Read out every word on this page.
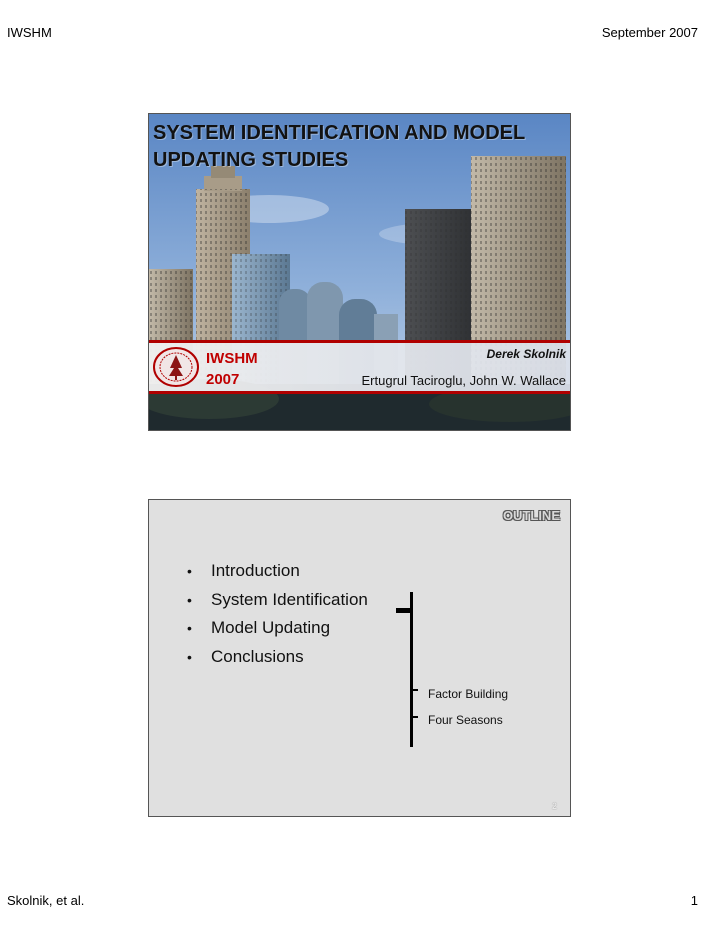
IWSHM	September 2007
SYSTEM IDENTIFICATION AND MODEL UPDATING STUDIES
IWSHM
2007
Derek Skolnik
Ertugrul Taciroglu, John W. Wallace
OUTLINE
• Introduction
• System Identification
• Model Updating
• Conclusions
Factor Building
Four Seasons
2
Skolnik, et al.	1
